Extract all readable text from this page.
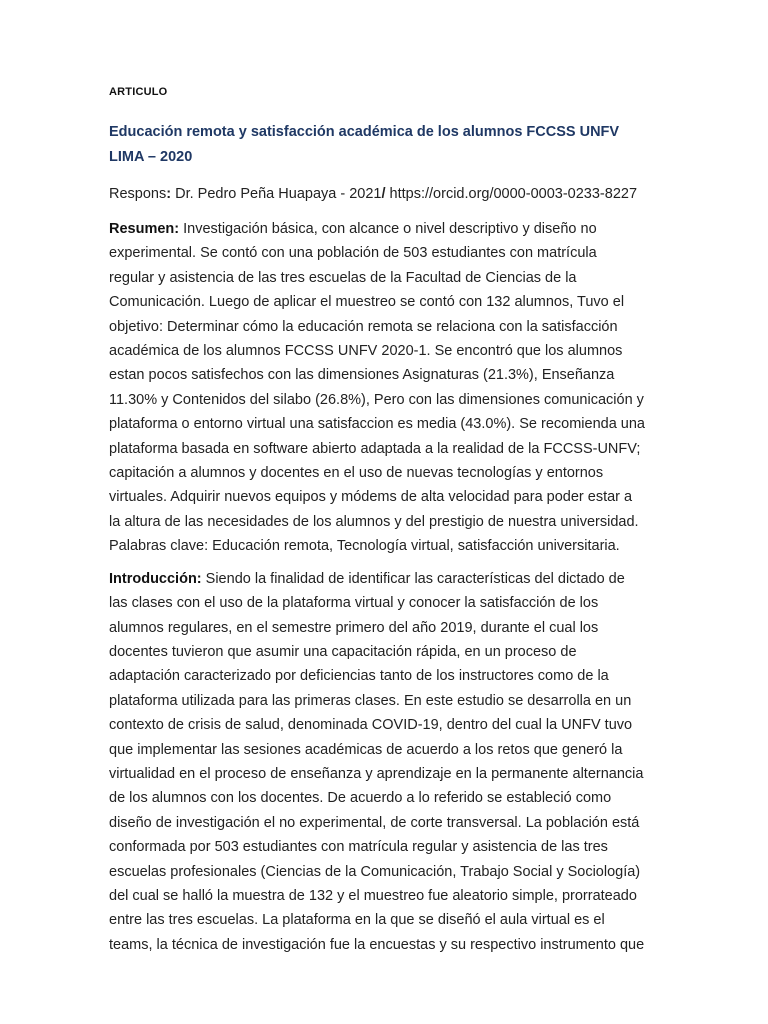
ARTICULO
Educación remota y satisfacción académica de los alumnos FCCSS UNFV
LIMA – 2020
Respons: Dr. Pedro Peña Huapaya - 2021/ https://orcid.org/0000-0003-0233-8227
Resumen: Investigación básica, con alcance o nivel descriptivo y diseño no
experimental. Se contó con una población de 503 estudiantes con matrícula
regular y asistencia de las tres escuelas de la Facultad de Ciencias de la
Comunicación. Luego de aplicar el muestreo se contó con 132 alumnos, Tuvo el
objetivo: Determinar cómo la educación remota se relaciona con la satisfacción
académica de los alumnos FCCSS UNFV 2020-1. Se encontró que los alumnos
estan pocos satisfechos con las dimensiones Asignaturas (21.3%), Enseñanza
11.30% y Contenidos del silabo (26.8%), Pero con las dimensiones comunicación y
plataforma o entorno virtual una satisfaccion es media (43.0%). Se recomienda una
plataforma basada en software abierto adaptada a la realidad de la FCCSS-UNFV;
capitación a alumnos y docentes en el uso de nuevas tecnologías y entornos
virtuales. Adquirir nuevos equipos y módems de alta velocidad para poder estar a
la altura de las necesidades de los alumnos y del prestigio de nuestra universidad.
Palabras clave: Educación remota, Tecnología virtual, satisfacción universitaria.
Introducción: Siendo la finalidad de identificar las características del dictado de
las clases con el uso de la plataforma virtual y conocer la satisfacción de los
alumnos regulares, en el semestre primero del año 2019, durante el cual los
docentes tuvieron que asumir una capacitación rápida, en un proceso de
adaptación caracterizado por deficiencias tanto de los instructores como de la
plataforma utilizada para las primeras clases. En este estudio se desarrolla en un
contexto de crisis de salud, denominada COVID-19, dentro del cual la UNFV tuvo
que implementar las sesiones académicas de acuerdo a los retos que generó la
virtualidad en el proceso de enseñanza y aprendizaje en la permanente alternancia
de los alumnos con los docentes. De acuerdo a lo referido se estableció como
diseño de investigación el no experimental, de corte transversal. La población está
conformada por 503 estudiantes con matrícula regular y asistencia de las tres
escuelas profesionales (Ciencias de la Comunicación, Trabajo Social y Sociología)
del cual se halló la muestra de 132 y el muestreo fue aleatorio simple, prorrateado
entre las tres escuelas. La plataforma en la que se diseñó el aula virtual es el
teams, la técnica de investigación fue la encuestas y su respectivo instrumento que
